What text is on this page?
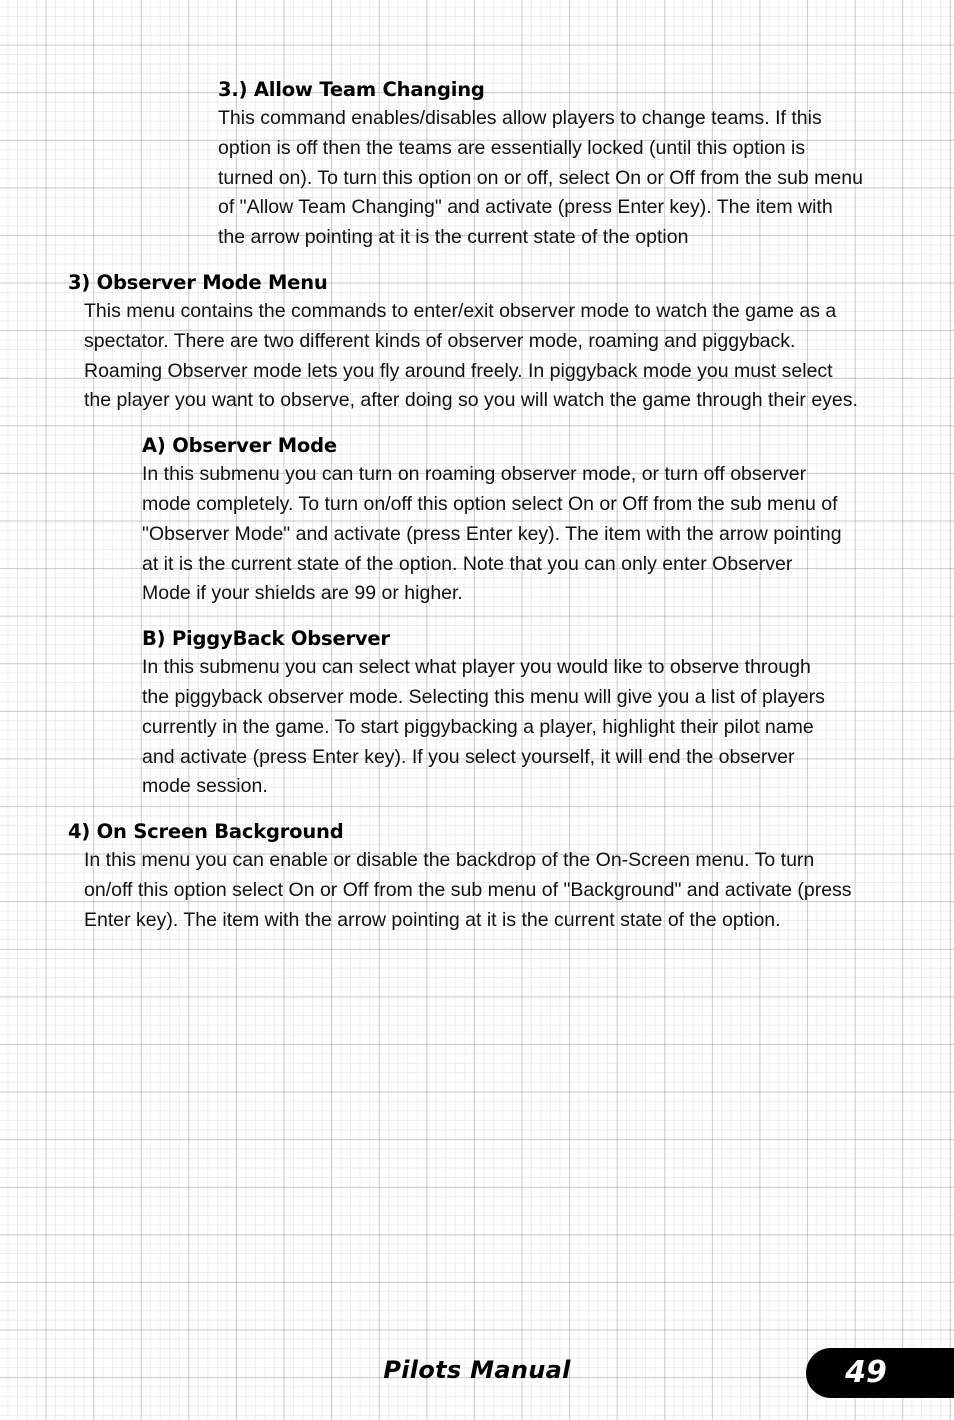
3.) Allow Team Changing

This command enables/disables allow players to change teams. If this option is off then the teams are essentially locked (until this option is turned on). To turn this option on or off, select On or Off from the sub menu of "Allow Team Changing" and activate (press Enter key). The item with the arrow pointing at it is the current state of the option

3) Observer Mode Menu

This menu contains the commands to enter/exit observer mode to watch the game as a spectator. There are two different kinds of observer mode, roaming and piggyback. Roaming Observer mode lets you fly around freely. In piggyback mode you must select the player you want to observe, after doing so you will watch the game through their eyes.

A) Observer Mode

In this submenu you can turn on roaming observer mode, or turn off observer mode completely. To turn on/off this option select On or Off from the sub menu of "Observer Mode" and activate (press Enter key). The item with the arrow pointing at it is the current state of the option. Note that you can only enter Observer Mode if your shields are 99 or higher.

B) PiggyBack Observer

In this submenu you can select what player you would like to observe through the piggyback observer mode. Selecting this menu will give you a list of players currently in the game. To start piggybacking a player, highlight their pilot name and activate (press Enter key). If you select yourself, it will end the observer mode session.

4) On Screen Background

In this menu you can enable or disable the backdrop of the On-Screen menu. To turn on/off this option select On or Off from the sub menu of "Background" and activate (press Enter key). The item with the arrow pointing at it is the current state of the option.

Pilots Manual	49
